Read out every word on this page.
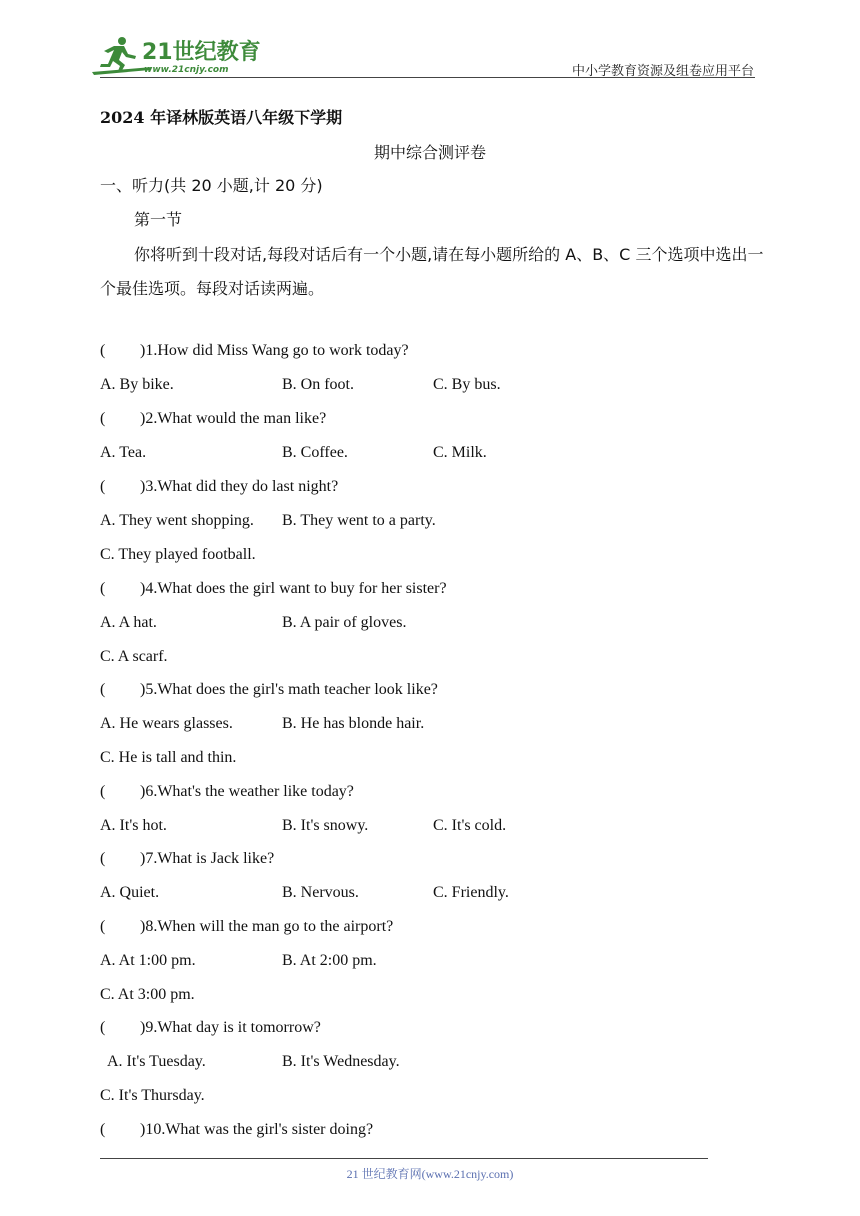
21世纪教育
www.21cnjy.com	中小学教育资源及组卷应用平台
2024 年译林版英语八年级下学期
期中综合测评卷
一、听力(共 20 小题,计 20 分)
第一节
你将听到十段对话,每段对话后有一个小题,请在每小题所给的 A、B、C 三个选项中选出一个最佳选项。每段对话读两遍。
( )1.How did Miss Wang go to work today?
A. By bike.	B. On foot.	C. By bus.
( )2.What would the man like?
A. Tea.	B. Coffee.	C. Milk.
( )3.What did they do last night?
A. They went shopping. B. They went to a party.
C. They played football.
( )4.What does the girl want to buy for her sister?
A. A hat.	B. A pair of gloves.
C. A scarf.
( )5.What does the girl's math teacher look like?
A. He wears glasses.	B. He has blonde hair.
C. He is tall and thin.
( )6.What's the weather like today?
A. It's hot.	B. It's snowy.	C. It's cold.
( )7.What is Jack like?
A. Quiet.	B. Nervous.	C. Friendly.
( )8.When will the man go to the airport?
A. At 1:00 pm.	B. At 2:00 pm.
C. At 3:00 pm.
( )9.What day is it tomorrow?
A. It's Tuesday.	B. It's Wednesday.
C. It's Thursday.
( )10.What was the girl's sister doing?
21 世纪教育网(www.21cnjy.com)
